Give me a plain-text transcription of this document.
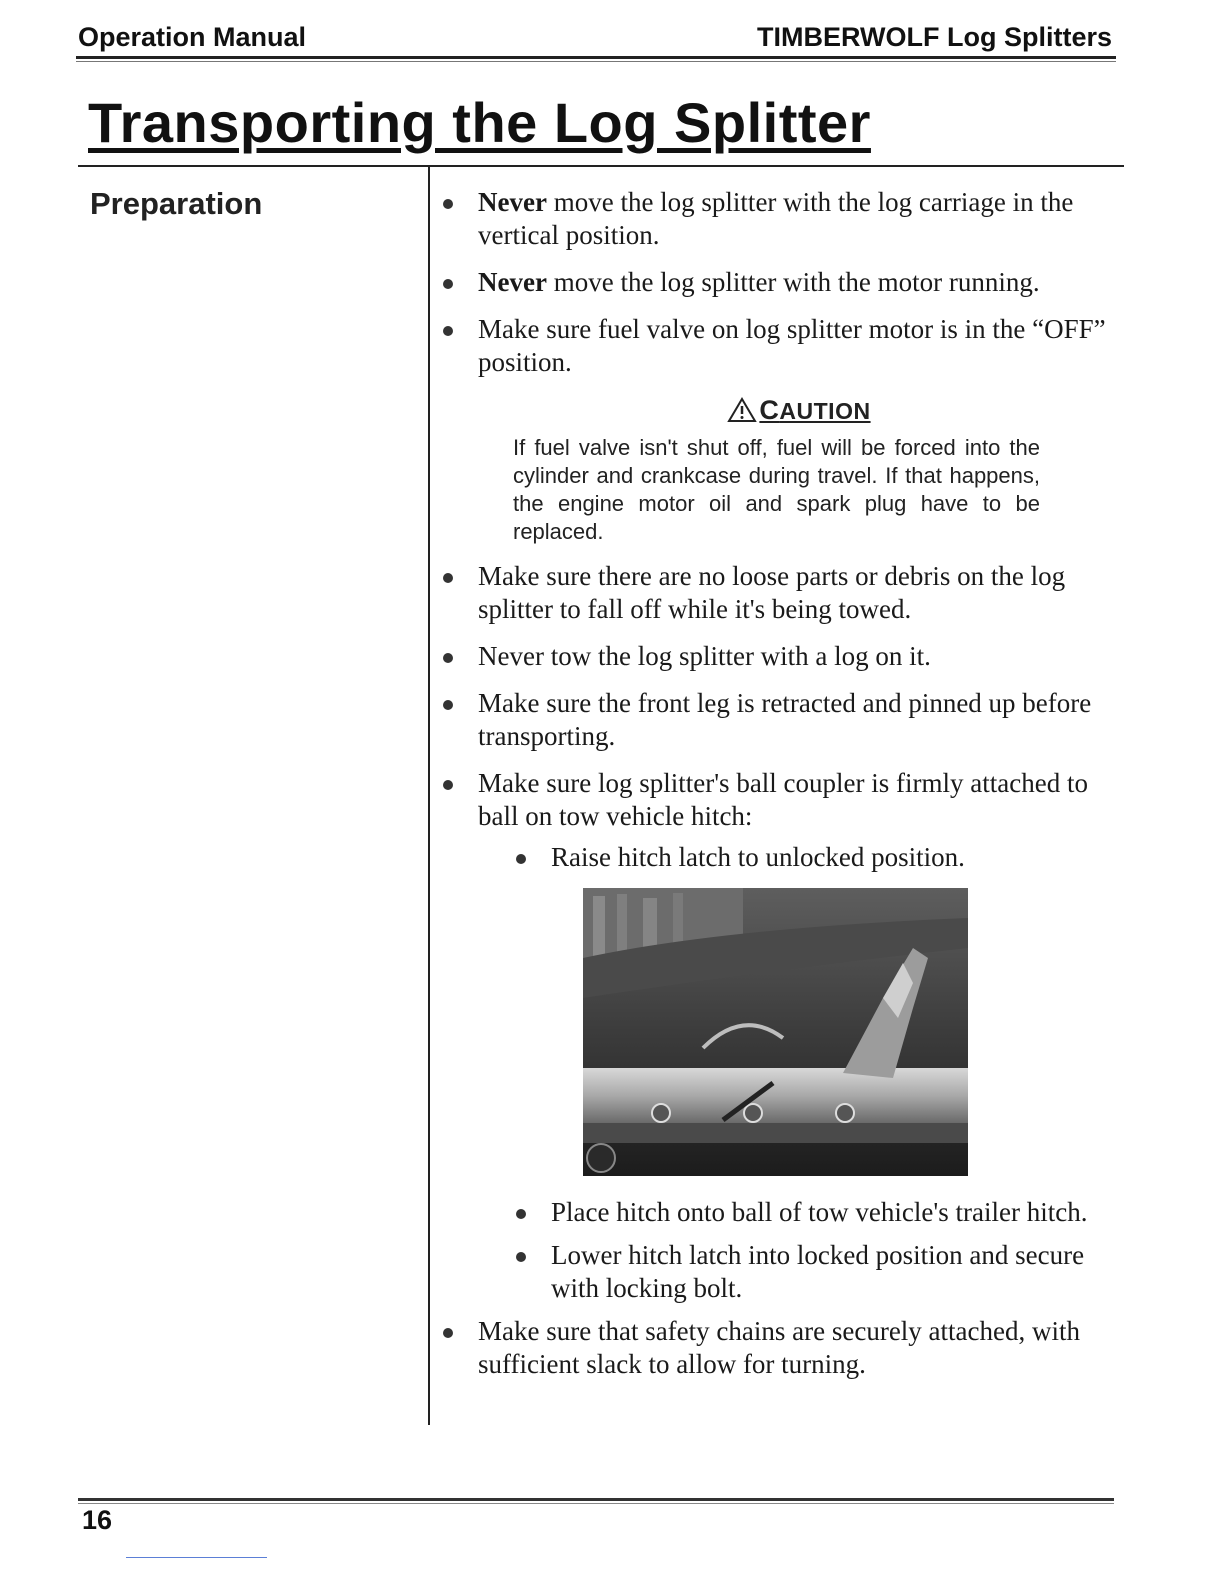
Operation Manual	TIMBERWOLF Log Splitters
Transporting the Log Splitter
Preparation	Never move the log splitter with the log carriage in the vertical position.
Never move the log splitter with the motor running.
Make sure fuel valve on log splitter motor is in the “OFF” position.
CAUTION
If fuel valve isn't shut off, fuel will be forced into the cylinder and crankcase during travel. If that happens, the engine motor oil and spark plug have to be replaced.
Make sure there are no loose parts or debris on the log splitter to fall off while it's being towed.
Never tow the log splitter with a log on it.
Make sure the front leg is retracted and pinned up before transporting.
Make sure log splitter's ball coupler is firmly attached to ball on tow vehicle hitch:
Raise hitch latch to unlocked position.
Place hitch onto ball of tow vehicle's trailer hitch.
Lower hitch latch into locked position and secure with locking bolt.
Make sure that safety chains are securely attached, with sufficient slack to allow for turning.
16
